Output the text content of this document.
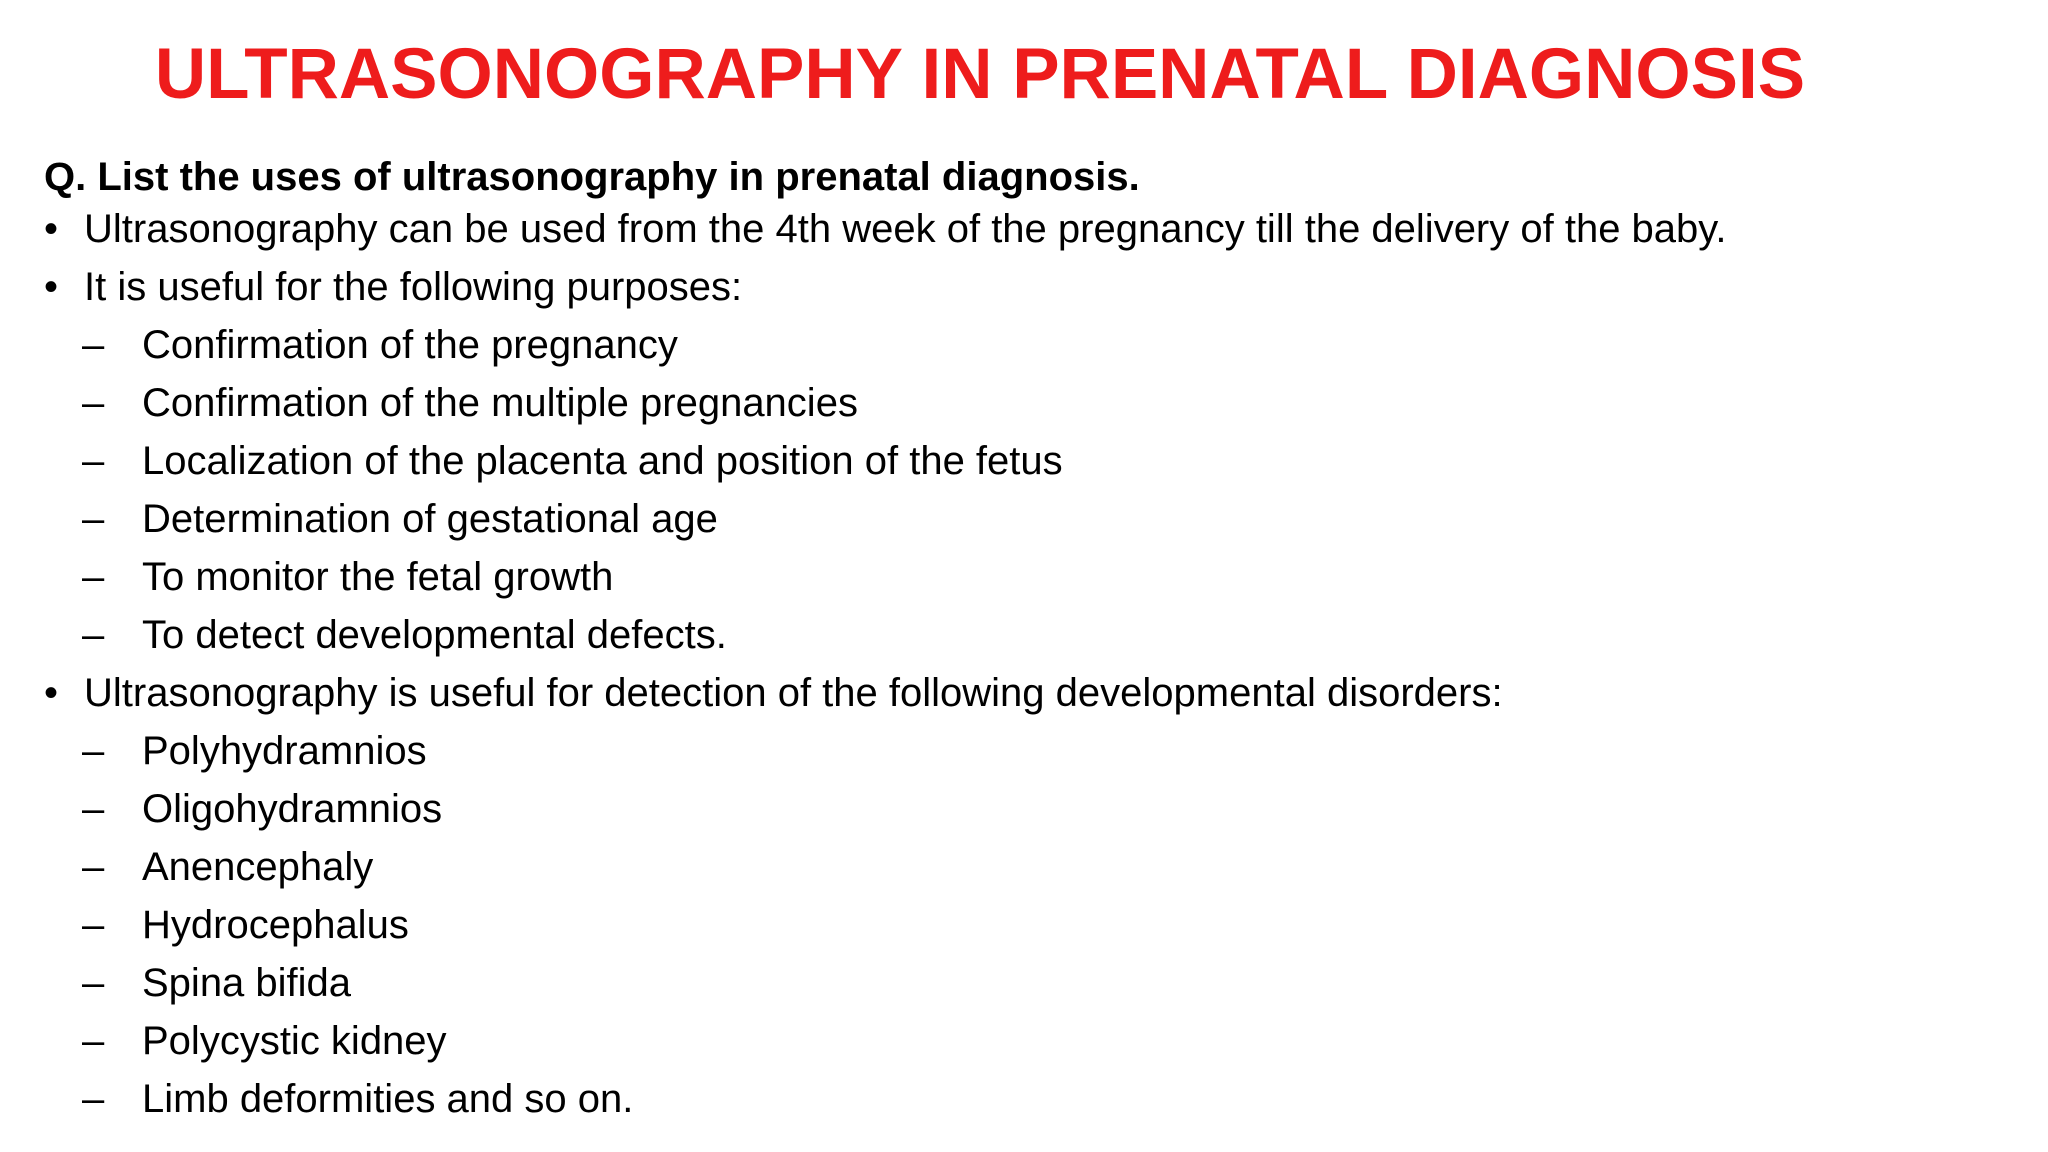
ULTRASONOGRAPHY IN PRENATAL DIAGNOSIS

Q. List the uses of ultrasonography in prenatal diagnosis.

• Ultrasonography can be used from the 4th week of the pregnancy till the delivery of the baby.
• It is useful for the following purposes:
– Confirmation of the pregnancy
– Confirmation of the multiple pregnancies
– Localization of the placenta and position of the fetus
– Determination of gestational age
– To monitor the fetal growth
– To detect developmental defects.
• Ultrasonography is useful for detection of the following developmental disorders:
– Polyhydramnios
– Oligohydramnios
– Anencephaly
– Hydrocephalus
– Spina bifida
– Polycystic kidney
– Limb deformities and so on.
